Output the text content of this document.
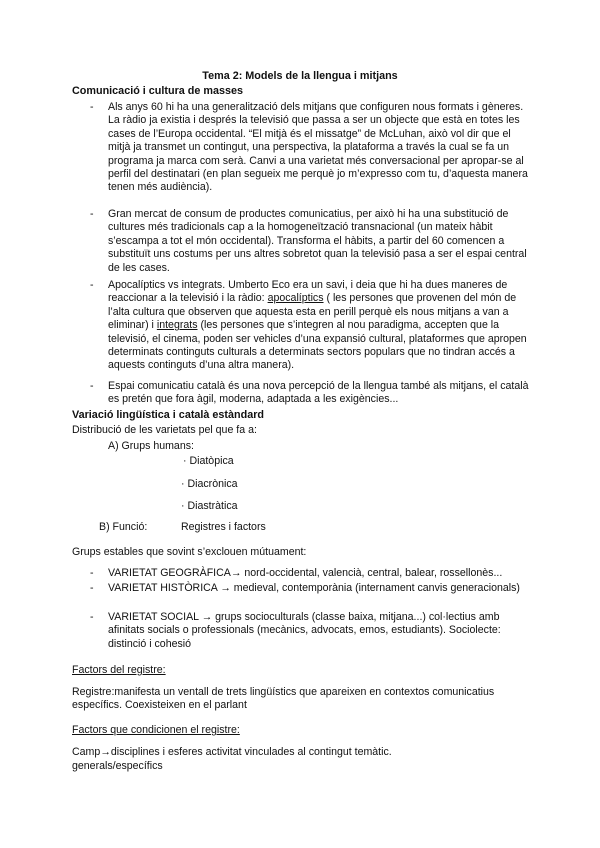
Tema 2: Models de la llengua i mitjans
Comunicació i cultura de masses
- Als anys 60 hi ha una generalització dels mitjans que configuren nous formats i gèneres. La ràdio ja existia i després la televisió que passa a ser un objecte que està en totes les cases de l’Europa occidental. “El mitjà és el missatge” de McLuhan, això vol dir que el mitjà ja transmet un contingut, una perspectiva, la plataforma a través la cual se fa un programa ja marca com serà. Canvi a una varietat més conversacional per apropar-se al perfil del destinatari (en plan segueix me perquè jo m’expresso com tu, d’aquesta manera tenen més audiència).
- Gran mercat de consum de productes comunicatius, per això hi ha una substitució de cultures més tradicionals cap a la homogeneïtzació transnacional (un mateix hàbit s’escampa a tot el món occidental). Transforma el hàbits, a partir del 60 comencen a substituït uns costums per uns altres sobretot quan la televisió pasa a ser el espai central de les cases.
- Apocalíptics vs integrats. Umberto Eco era un savi, i deia que hi ha dues maneres de reaccionar a la televisió i la ràdio: apocalíptics ( les persones que provenen del món de l’alta cultura que observen que aquesta esta en perill perquè els nous mitjans a van a eliminar) i integrats (les persones que s’integren al nou paradigma, accepten que la televisió, el cinema, poden ser vehicles d’una expansió cultural, plataformes que apropen determinats continguts culturals a determinats sectors populars que no tindran accés a aquests continguts d’una altra manera).
- Espai comunicatiu català és una nova percepció de la llengua també als mitjans, el català es pretén que fora àgil, moderna, adaptada a les exigències...
Variació lingüística i català estàndard
Distribució de les varietats pel que fa a:
A) Grups humans:
· Diatòpica
· Diacrònica
· Diastràtica
B) Funció:	Registres i factors
Grups estables que sovint s’exclouen mútuament:
- VARIETAT GEOGRÀFICA→ nord-occidental, valencià, central, balear, rossellonès...
- VARIETAT HISTÒRICA → medieval, contemporània (internament canvis generacionals)
- VARIETAT SOCIAL → grups socioculturals (classe baixa, mitjana...) col·lectius amb afinitats socials o professionals (mecànics, advocats, emos, estudiants). Sociolecte: distinció i cohesió
Factors del registre:
Registre:manifesta un ventall de trets lingüístics que apareixen en contextos comunicatius específics. Coexisteixen en el parlant
Factors que condicionen el registre:
Camp→disciplines i esferes activitat vinculades al contingut temàtic.
generals/específics
